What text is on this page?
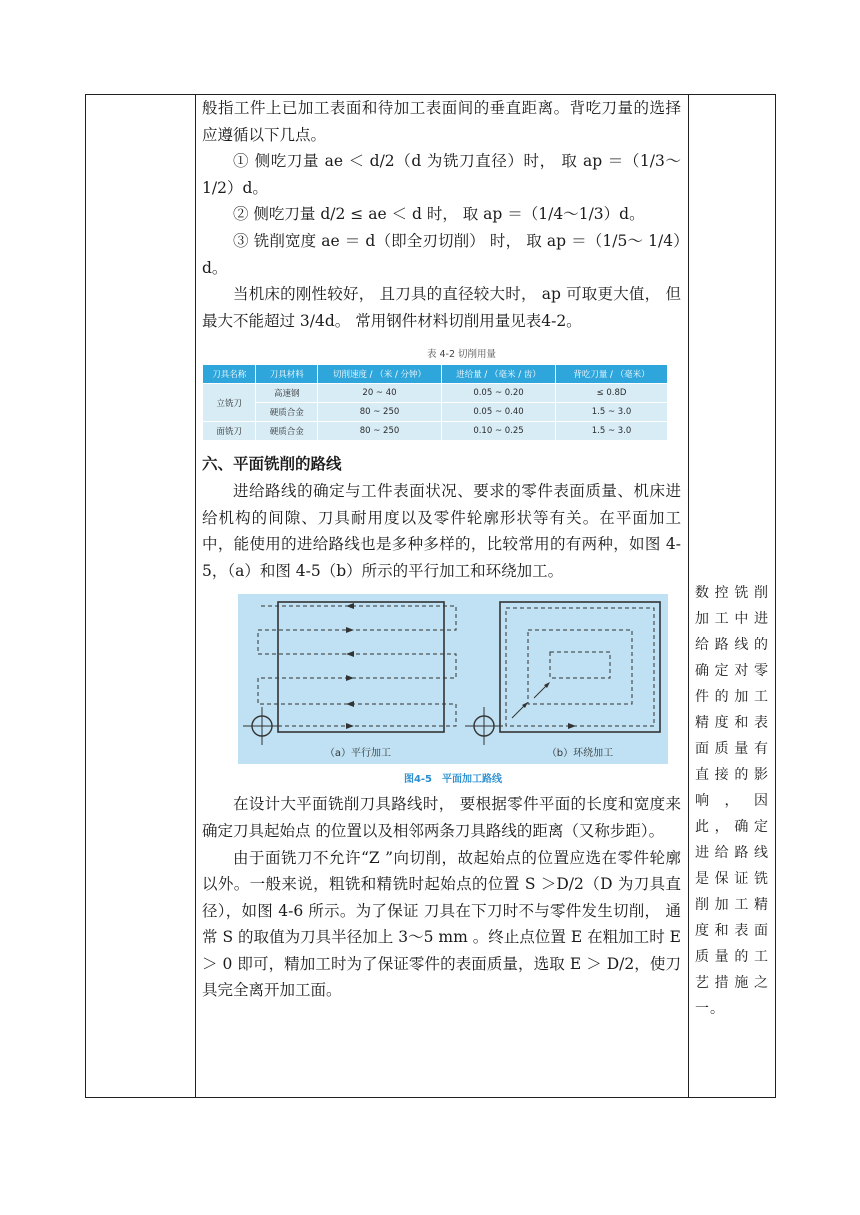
般指工件上已加工表面和待加工表面间的垂直距离。背吃刀量的选择应遵循以下几点。

① 侧吃刀量 ae ＜ d/2（d 为铣刀直径）时， 取 ap ＝（1/3～ 1/2）d。

② 侧吃刀量 d/2 ≤ ae ＜ d 时， 取 ap ＝（1/4～1/3）d。

③ 铣削宽度 ae ＝ d（即全刃切削） 时， 取 ap ＝（1/5～ 1/4）d。

当机床的刚性较好， 且刀具的直径较大时， ap 可取更大值， 但最大不能超过 3/4d。 常用钢件材料切削用量见表4-2。

表 4-2 切削用量
刀具名称	刀具材料	切削速度 / （米 / 分钟）	进给量 / （毫米 / 齿）	背吃刀量 / （毫米）
立铣刀	高速钢	20 ~ 40	0.05 ~ 0.20	≤ 0.8D
	硬质合金	80 ~ 250	0.05 ~ 0.40	1.5 ~ 3.0
面铣刀	硬质合金	80 ~ 250	0.10 ~ 0.25	1.5 ~ 3.0

六、平面铣削的路线

进给路线的确定与工件表面状况、要求的零件表面质量、机床进给机构的间隙、刀具耐用度以及零件轮廓形状等有关。在平面加工中，能使用的进给路线也是多种多样的，比较常用的有两种，如图 4-5，（a）和图 4-5（b）所示的平行加工和环绕加工。

（a）平行加工	（b）环绕加工
图4-5　平面加工路线

在设计大平面铣削刀具路线时， 要根据零件平面的长度和宽度来确定刀具起始点 的位置以及相邻两条刀具路线的距离（又称步距）。

由于面铣刀不允许“Z ”向切削，故起始点的位置应选在零件轮廓以外。一般来说，粗铣和精铣时起始点的位置 S ＞D/2（D 为刀具直径），如图 4-6 所示。为了保证 刀具在下刀时不与零件发生切削， 通常 S 的取值为刀具半径加上 3～5 mm 。终止点位置 E 在粗加工时 E ＞ 0 即可，精加工时为了保证零件的表面质量，选取 E ＞ D/2，使刀具完全离开加工面。

数控铣削加工中进给路线的确定对零件的加工精度和表面质量有直接的影响，因此，确定进给路线是保证铣削加工精度和表面质量的工艺措施之一。
